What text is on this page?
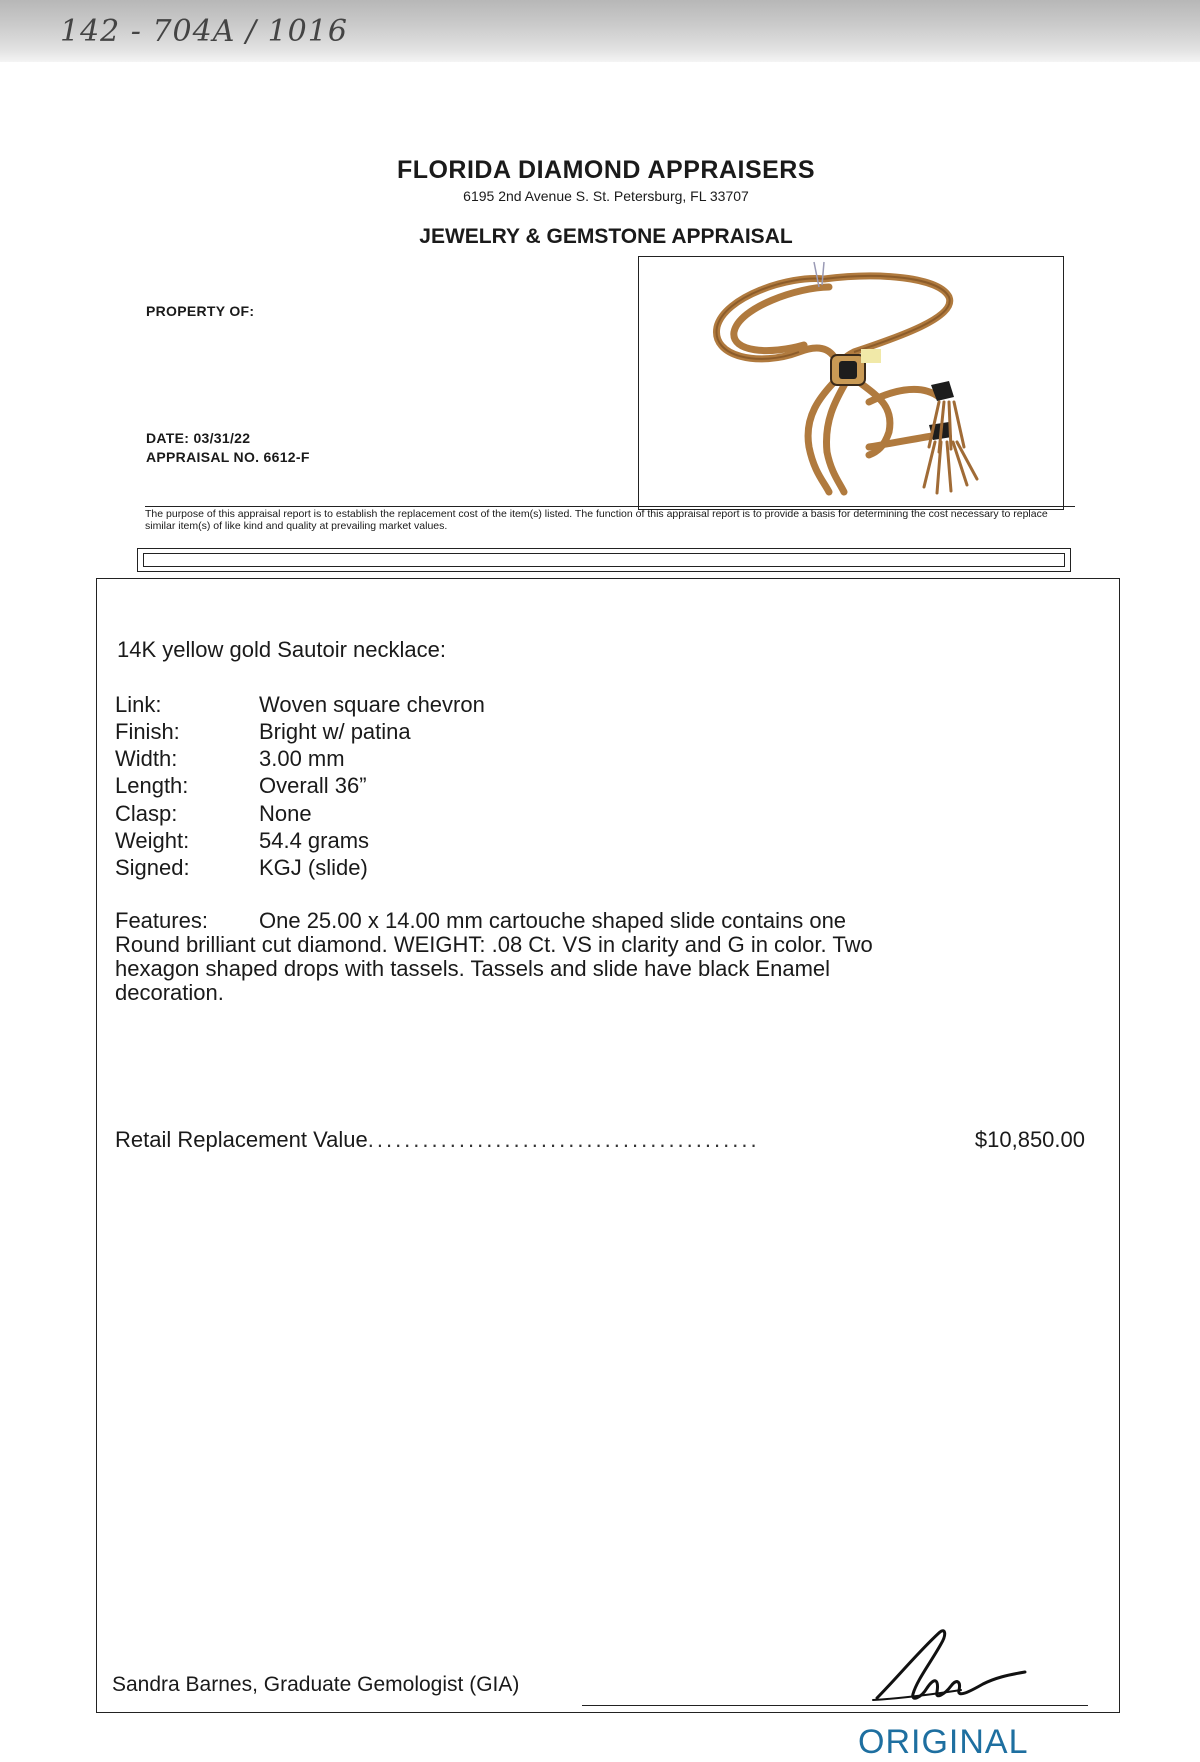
142 - 704A / 1016
FLORIDA DIAMOND APPRAISERS
6195 2nd Avenue S. St. Petersburg, FL 33707
JEWELRY & GEMSTONE APPRAISAL
PROPERTY OF:
DATE: 03/31/22
APPRAISAL NO. 6612-F
The purpose of this appraisal report is to establish the replacement cost of the item(s) listed. The function of this appraisal report is to provide a basis for determining the cost necessary to replace similar item(s) of like kind and quality at prevailing market values.
14K yellow gold Sautoir necklace:
Link:	Woven square chevron
Finish:	Bright w/ patina
Width:	3.00 mm
Length:	Overall 36”
Clasp:	None
Weight:	54.4 grams
Signed:	KGJ (slide)
Features: One 25.00 x 14.00 mm cartouche shaped slide contains one Round brilliant cut diamond. WEIGHT: .08 Ct. VS in clarity and G in color. Two hexagon shaped drops with tassels. Tassels and slide have black Enamel decoration.
Retail Replacement Value...........................................	$10,850.00
Sandra Barnes, Graduate Gemologist (GIA)
ORIGINAL
